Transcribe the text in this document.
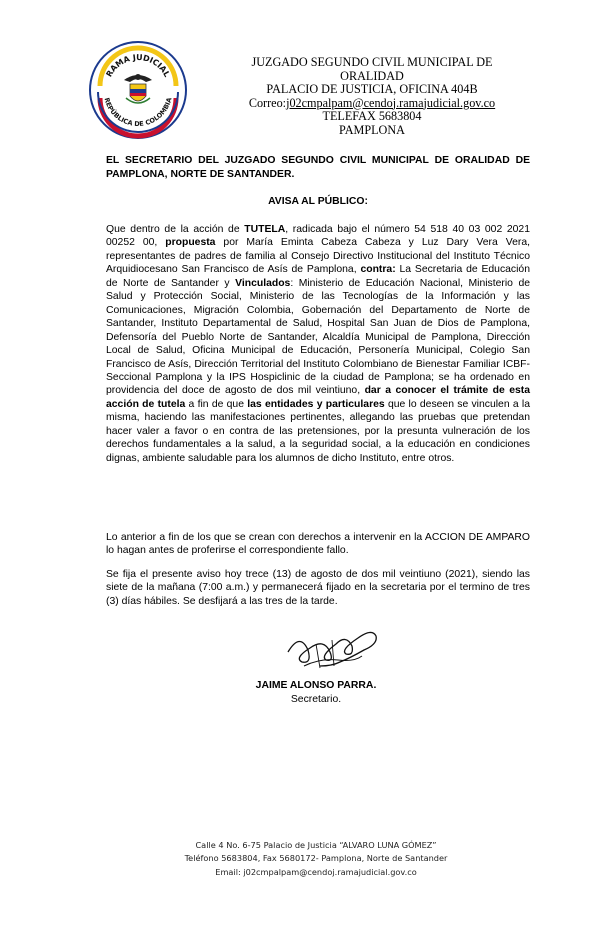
RAMA JUDICIAL
REPÚBLICA DE COLOMBIA
JUZGADO SEGUNDO CIVIL MUNICIPAL DE
ORALIDAD
PALACIO DE JUSTICIA, OFICINA 404B
Correo:j02cmpalpam@cendoj.ramajudicial.gov.co
TELEFAX 5683804
PAMPLONA
EL SECRETARIO DEL JUZGADO SEGUNDO CIVIL MUNICIPAL DE ORALIDAD DE PAMPLONA, NORTE DE SANTANDER.
AVISA AL PÚBLICO:
Que dentro de la acción de TUTELA, radicada bajo el número 54 518 40 03 002 2021 00252 00, propuesta por María Eminta Cabeza Cabeza y Luz Dary Vera Vera, representantes de padres de familia al Consejo Directivo Institucional del Instituto Técnico Arquidiocesano San Francisco de Asís de Pamplona, contra: La Secretaria de Educación de Norte de Santander y Vinculados: Ministerio de Educación Nacional, Ministerio de Salud y Protección Social, Ministerio de las Tecnologías de la Información y las Comunicaciones, Migración Colombia, Gobernación del Departamento de Norte de Santander, Instituto Departamental de Salud, Hospital San Juan de Dios de Pamplona, Defensoría del Pueblo Norte de Santander, Alcaldía Municipal de Pamplona, Dirección Local de Salud, Oficina Municipal de Educación, Personería Municipal, Colegio San Francisco de Asís, Dirección Territorial del Instituto Colombiano de Bienestar Familiar ICBF- Seccional Pamplona y la IPS Hospiclinic de la ciudad de Pamplona; se ha ordenado en providencia del doce de agosto de dos mil veintiuno, dar a conocer el trámite de esta acción de tutela a fin de que las entidades y particulares que lo deseen se vinculen a la misma, haciendo las manifestaciones pertinentes, allegando las pruebas que pretendan hacer valer a favor o en contra de las pretensiones, por la presunta vulneración de los derechos fundamentales a la salud, a la seguridad social, a la educación en condiciones dignas, ambiente saludable para los alumnos de dicho Instituto, entre otros.
Lo anterior a fin de los que se crean con derechos a intervenir en la ACCION DE AMPARO lo hagan antes de proferirse el correspondiente fallo.
Se fija el presente aviso hoy trece (13) de agosto de dos mil veintiuno (2021), siendo las siete de la mañana (7:00 a.m.) y permanecerá fijado en la secretaria por el termino de tres (3) días hábiles. Se desfijará a las tres de la tarde.
JAIME ALONSO PARRA.
Secretario.
Calle 4 No. 6-75 Palacio de Justicia “ALVARO LUNA GÓMEZ”
Teléfono 5683804, Fax 5680172- Pamplona, Norte de Santander
Email: j02cmpalpam@cendoj.ramajudicial.gov.co
